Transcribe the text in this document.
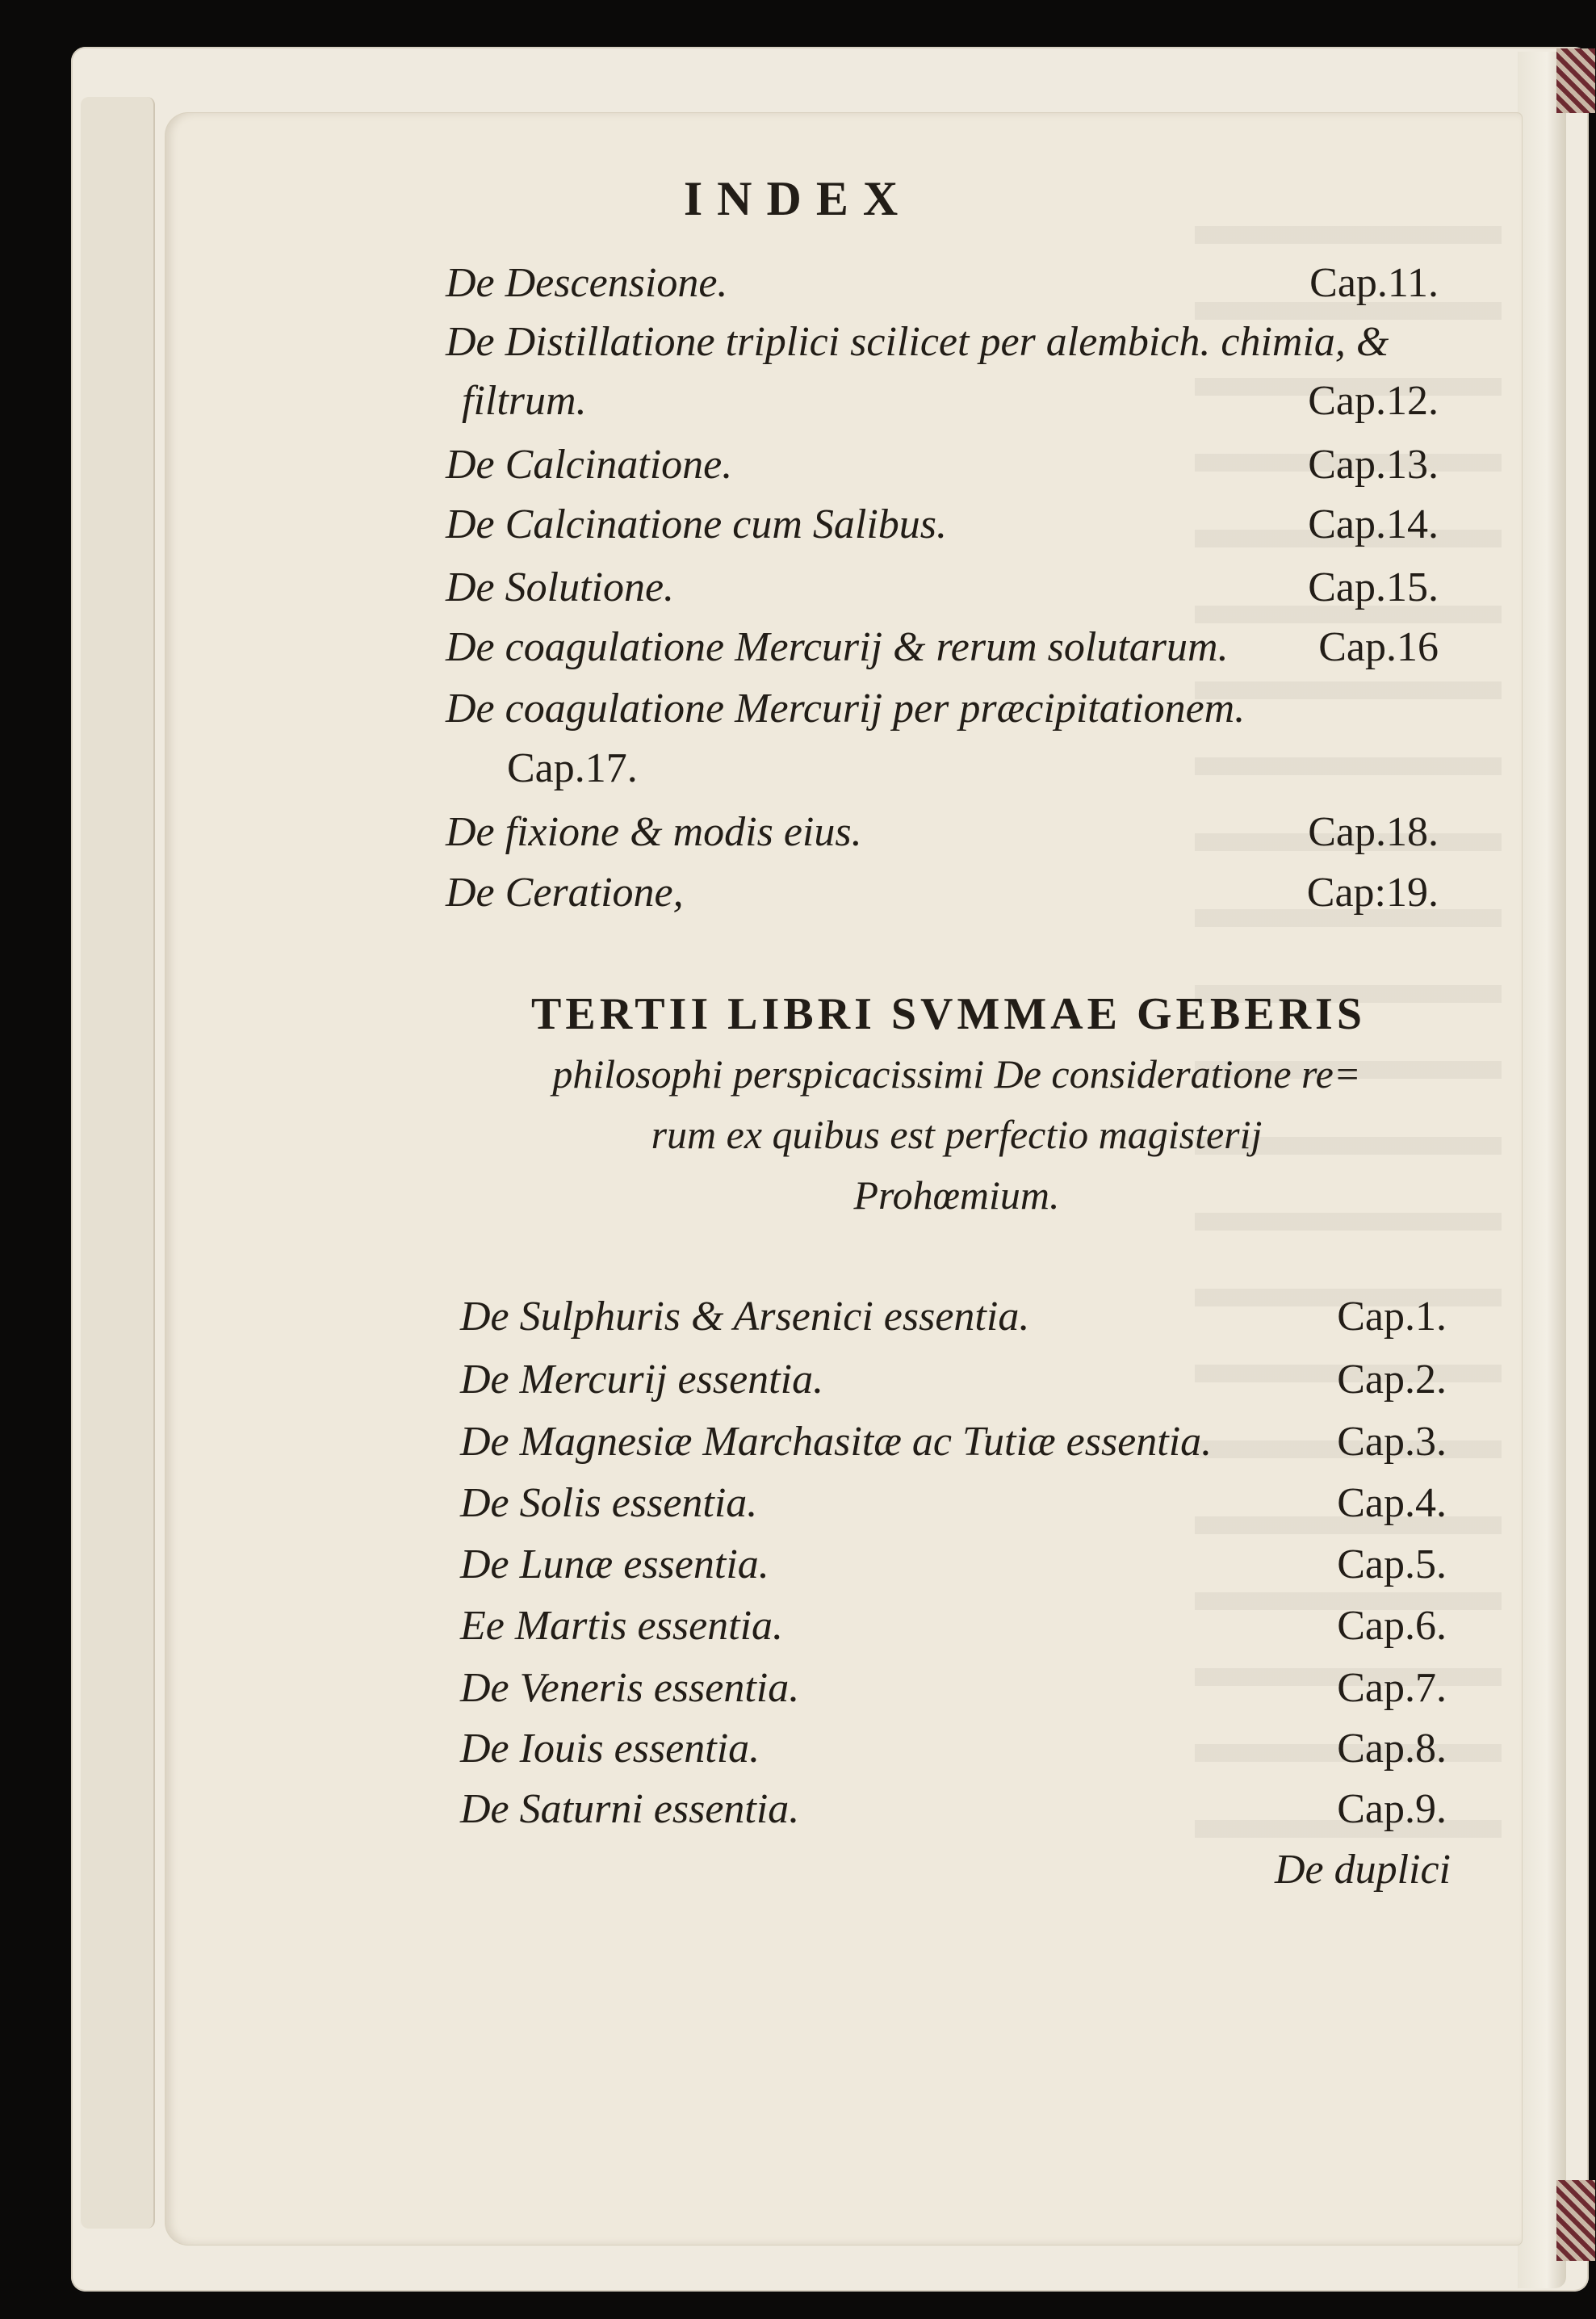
INDEX
De Descensione.	Cap.11.
De Distillatione triplici scilicet per alembich. chimia, &
filtrum.	Cap.12.
De Calcinatione.	Cap.13.
De Calcinatione cum Salibus.	Cap.14.
De Solutione.	Cap.15.
De coagulatione Mercurij & rerum solutarum. Cap.16
De coagulatione Mercurij per præcipitationem.
Cap.17.
De fixione & modis eius.	Cap.18.
De Ceratione,	Cap:19.
TERTII LIBRI SVMMAE GEBERIS
philosophi perspicacissimi De consideratione re=
rum ex quibus est perfectio magisterij
Prohœmium.
De Sulphuris & Arsenici essentia.	Cap.1.
De Mercurij essentia.	Cap.2.
De Magnesiæ Marchasitæ ac Tutiæ essentia.	Cap.3.
De Solis essentia.	Cap.4.
De Lunæ essentia.	Cap.5.
Ee Martis essentia.	Cap.6.
De Veneris essentia.	Cap.7.
De Iouis essentia.	Cap.8.
De Saturni essentia.	Cap.9.
De duplici
